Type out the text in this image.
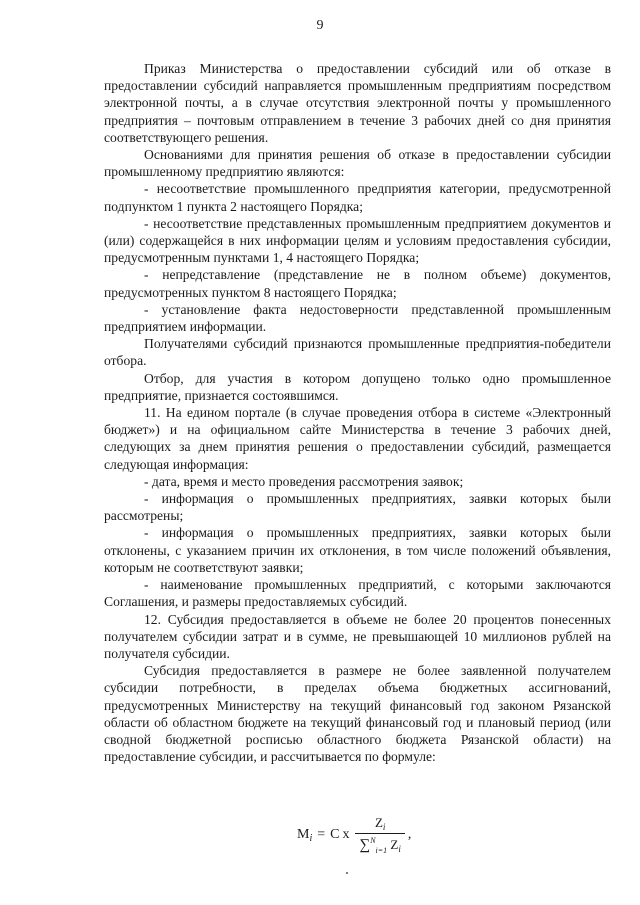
9

Приказ Министерства о предоставлении субсидий или об отказе в предоставлении субсидий направляется промышленным предприятиям посредством электронной почты, а в случае отсутствия электронной почты у промышленного предприятия – почтовым отправлением в течение 3 рабочих дней со дня принятия соответствующего решения.

Основаниями для принятия решения об отказе в предоставлении субсидии промышленному предприятию являются:

- несоответствие промышленного предприятия категории, предусмотренной подпунктом 1 пункта 2 настоящего Порядка;

- несоответствие представленных промышленным предприятием документов и (или) содержащейся в них информации целям и условиям предоставления субсидии, предусмотренным пунктами 1, 4 настоящего Порядка;

- непредставление (представление не в полном объеме) документов, предусмотренных пунктом 8 настоящего Порядка;

- установление факта недостоверности представленной промышленным предприятием информации.

Получателями субсидий признаются промышленные предприятия-победители отбора.

Отбор, для участия в котором допущено только одно промышленное предприятие, признается состоявшимся.

11. На едином портале (в случае проведения отбора в системе «Электронный бюджет») и на официальном сайте Министерства в течение 3 рабочих дней, следующих за днем принятия решения о предоставлении субсидий, размещается следующая информация:

- дата, время и место проведения рассмотрения заявок;

- информация о промышленных предприятиях, заявки которых были рассмотрены;

- информация о промышленных предприятиях, заявки которых были отклонены, с указанием причин их отклонения, в том числе положений объявления, которым не соответствуют заявки;

- наименование промышленных предприятий, с которыми заключаются Соглашения, и размеры предоставляемых субсидий.

12. Субсидия предоставляется в объеме не более 20 процентов понесенных получателем субсидии затрат и в сумме, не превышающей 10 миллионов рублей на получателя субсидии.

Субсидия предоставляется в размере не более заявленной получателем субсидии потребности, в пределах объема бюджетных ассигнований, предусмотренных Министерству на текущий финансовый год законом Рязанской области об областном бюджете на текущий финансовый год и плановый период (или сводной бюджетной росписью областного бюджета Рязанской области) на предоставление субсидии, и рассчитывается по формуле:

$M_i = C$ x $\frac{Z_i}{\sum^N_{i=1} Z_i}$ ,
